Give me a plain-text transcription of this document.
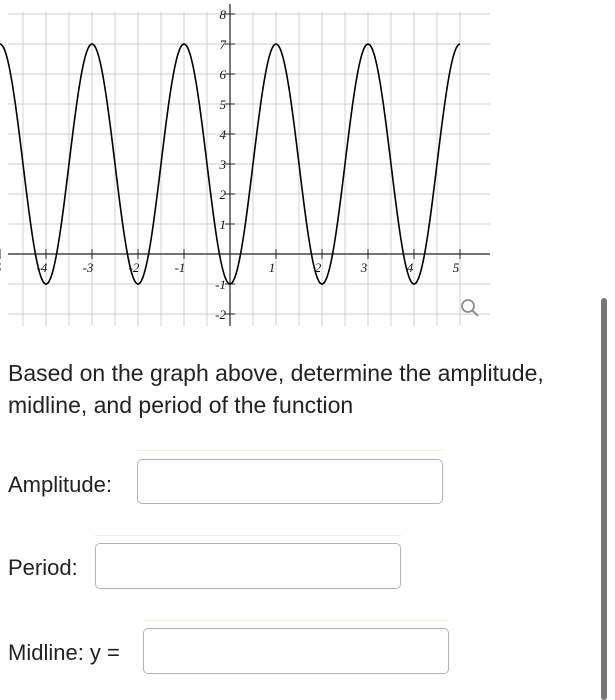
-4	-3	-2	-1	1	2	3	4	5
8
7
6
5
4
3
2
1
-1
-2
Based on the graph above, determine the amplitude, midline, and period of the function
Amplitude:
Period:
Midline: y =
